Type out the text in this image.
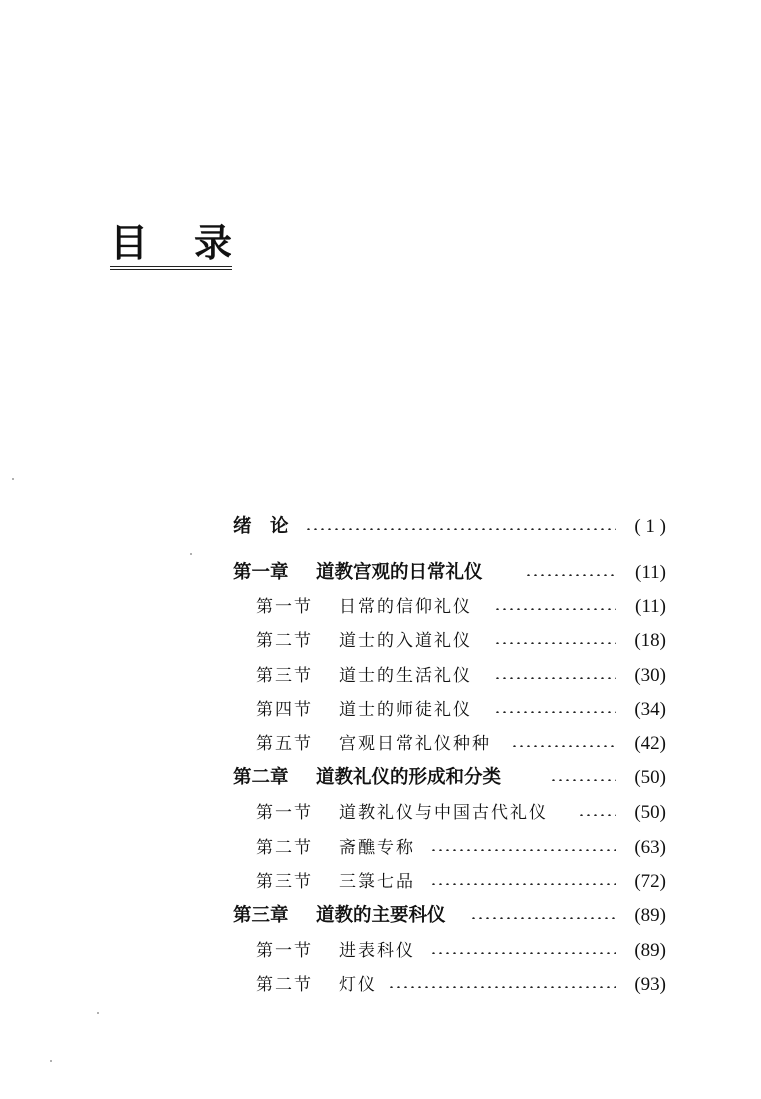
目 录
绪　论	( 1 )
第一章 道教宫观的日常礼仪	(11)
第一节 日常的信仰礼仪	(11)
第二节 道士的入道礼仪	(18)
第三节 道士的生活礼仪	(30)
第四节 道士的师徒礼仪	(34)
第五节 宫观日常礼仪种种	(42)
第二章 道教礼仪的形成和分类	(50)
第一节 道教礼仪与中国古代礼仪	(50)
第二节 斋醮专称	(63)
第三节 三箓七品	(72)
第三章 道教的主要科仪	(89)
第一节 进表科仪	(89)
第二节 灯仪	(93)
